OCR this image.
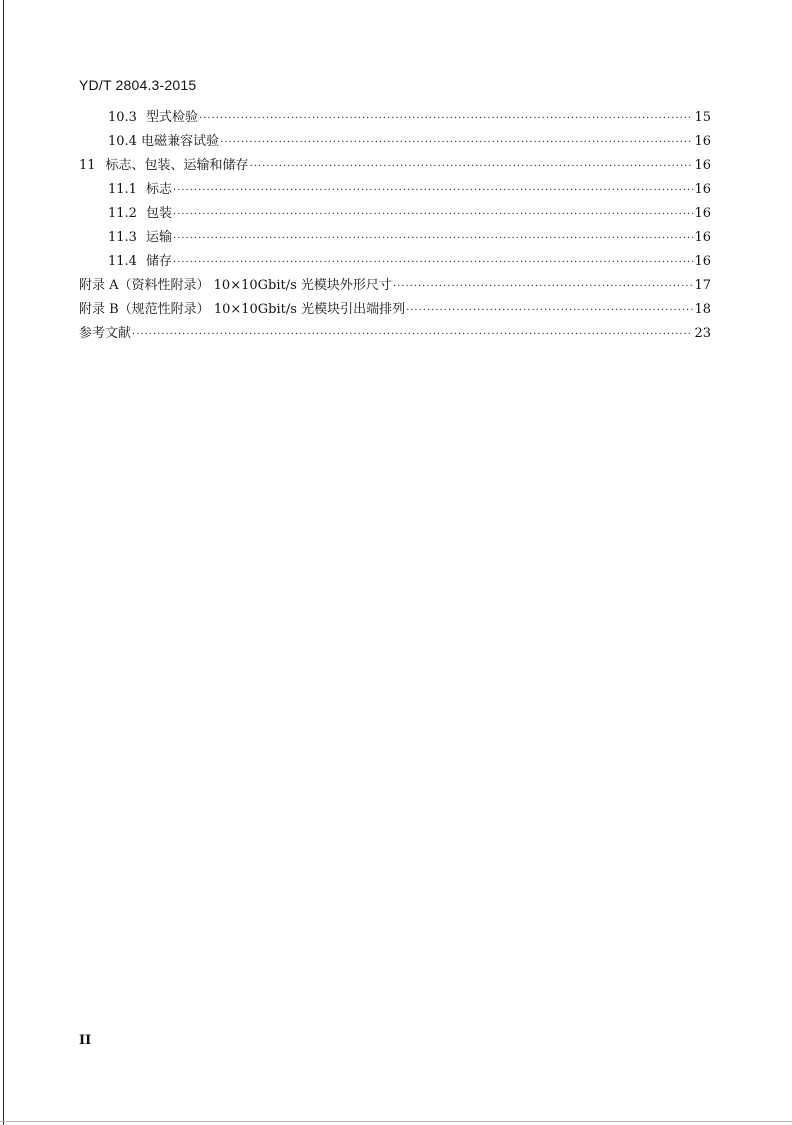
YD/T 2804.3-2015
10.3 型式检验 ·····	15
10.4 电磁兼容试验 ·····	16
11 标志、包装、运输和储存 ·····	16
11.1 标志 ·····	16
11.2 包装 ·····	16
11.3 运输 ·····	16
11.4 储存 ·····	16
附录 A（资料性附录） 10×10Gbit/s 光模块外形尺寸 ·····	17
附录 B（规范性附录） 10×10Gbit/s 光模块引出端排列 ·····	18
参考文献 ·····	23
II
